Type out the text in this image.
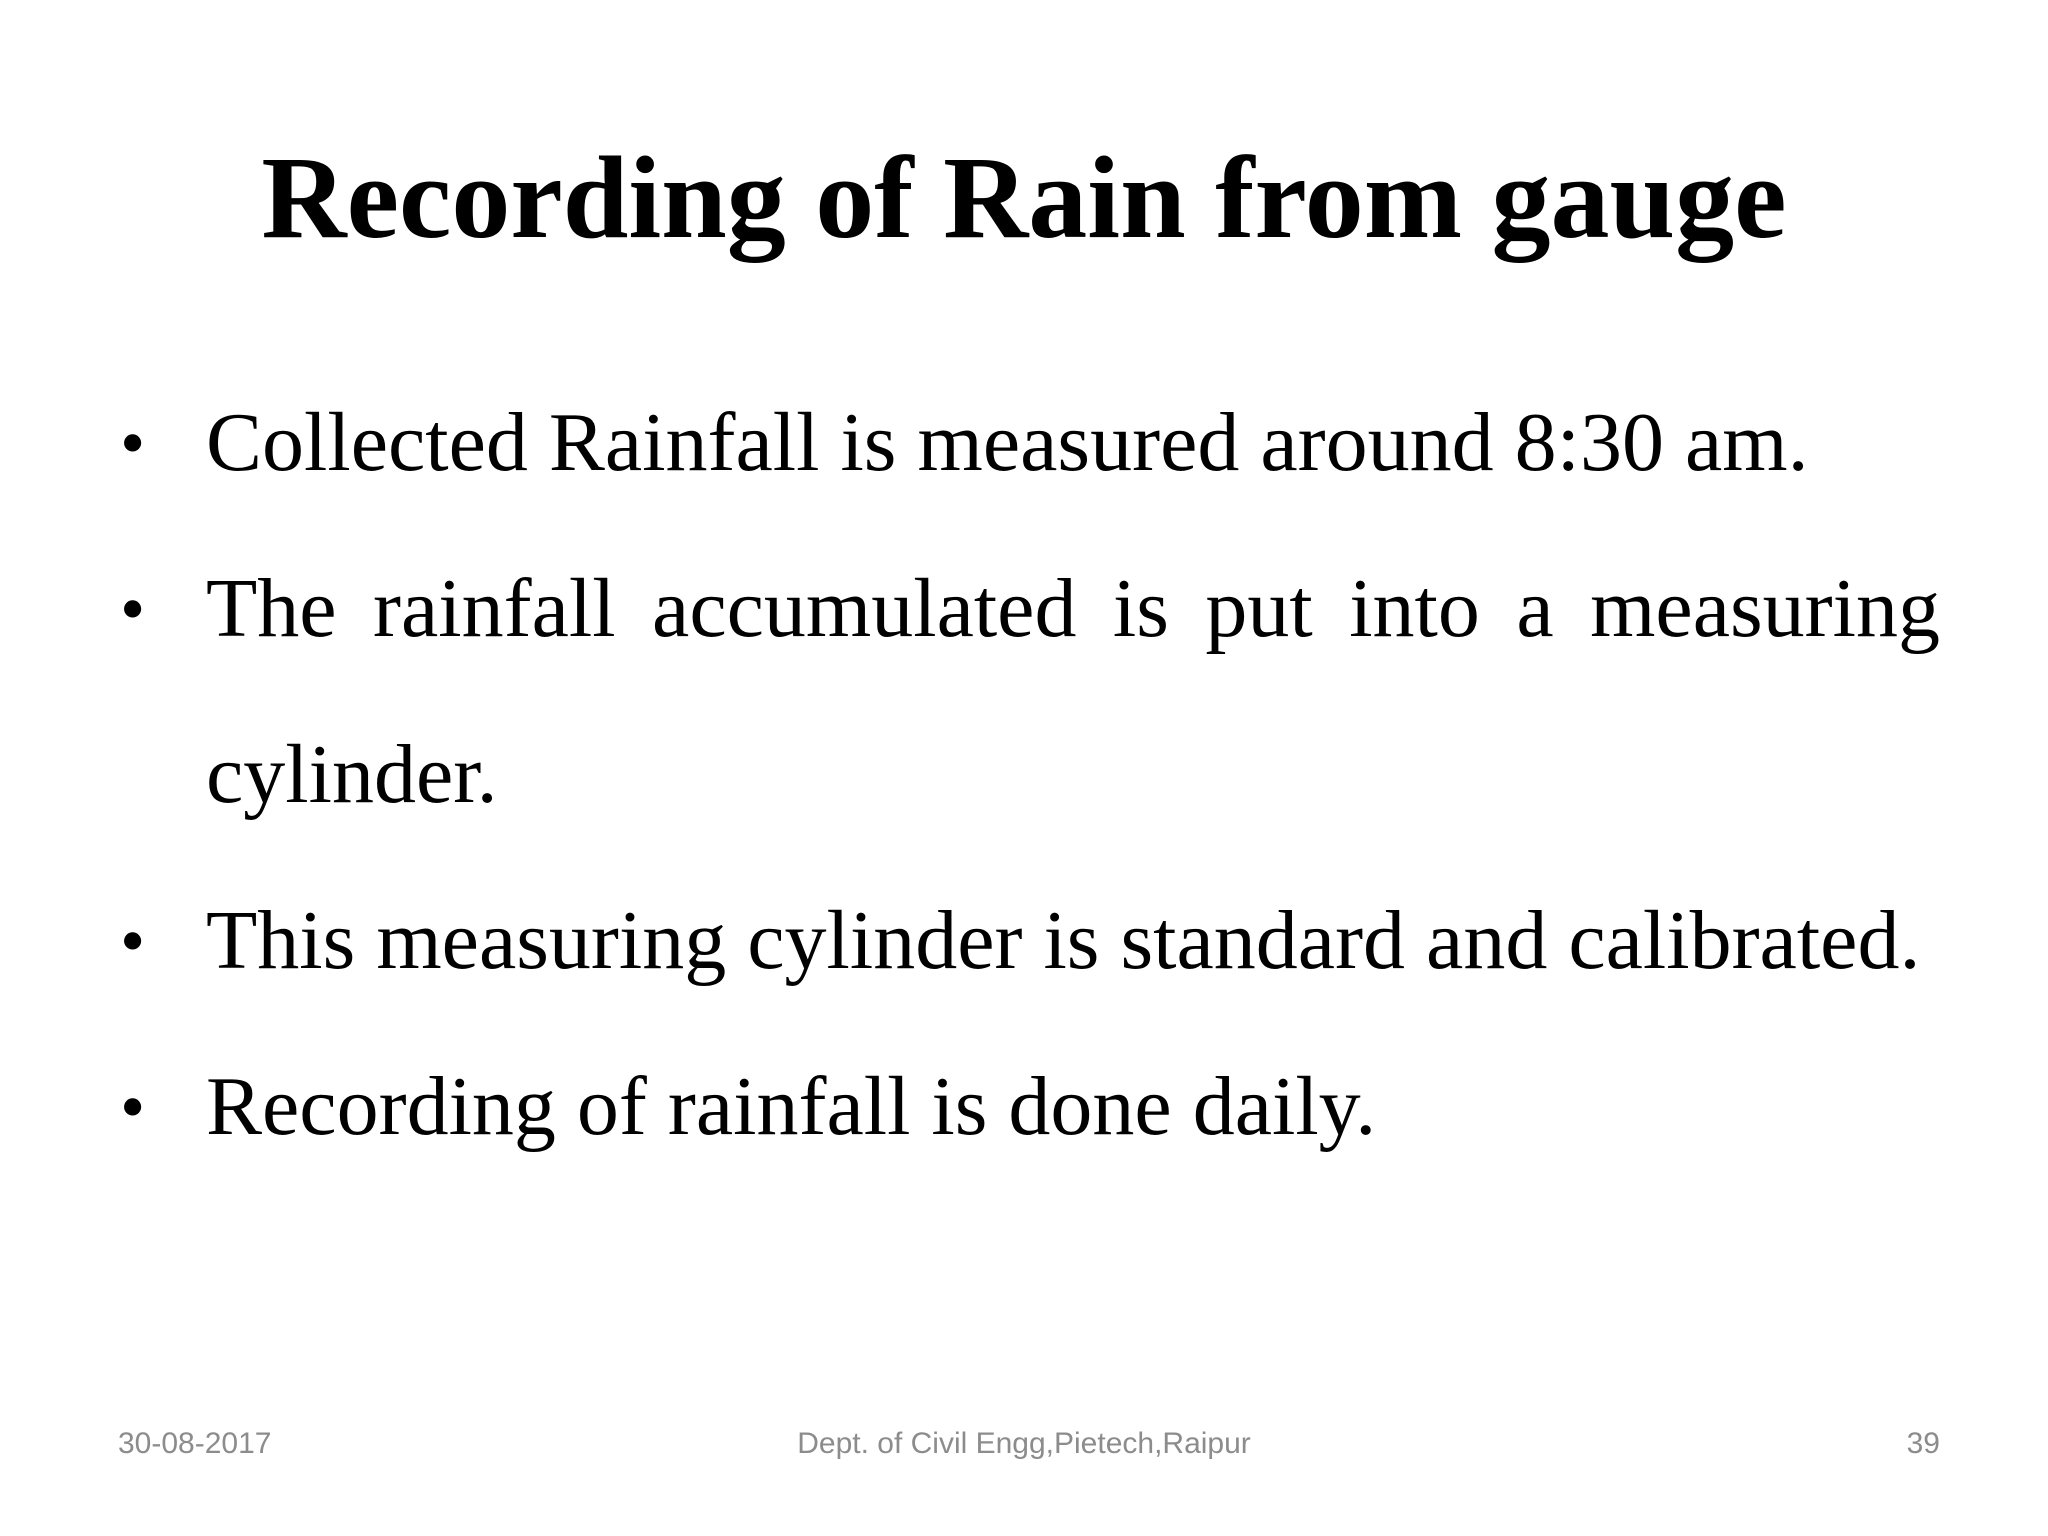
Recording of Rain from gauge
• Collected Rainfall is measured around 8:30 am.
• The rainfall accumulated is put into a measuring cylinder.
• This measuring cylinder is standard and calibrated.
• Recording of rainfall is done daily.
30-08-2017	Dept. of Civil Engg,Pietech,Raipur	39
